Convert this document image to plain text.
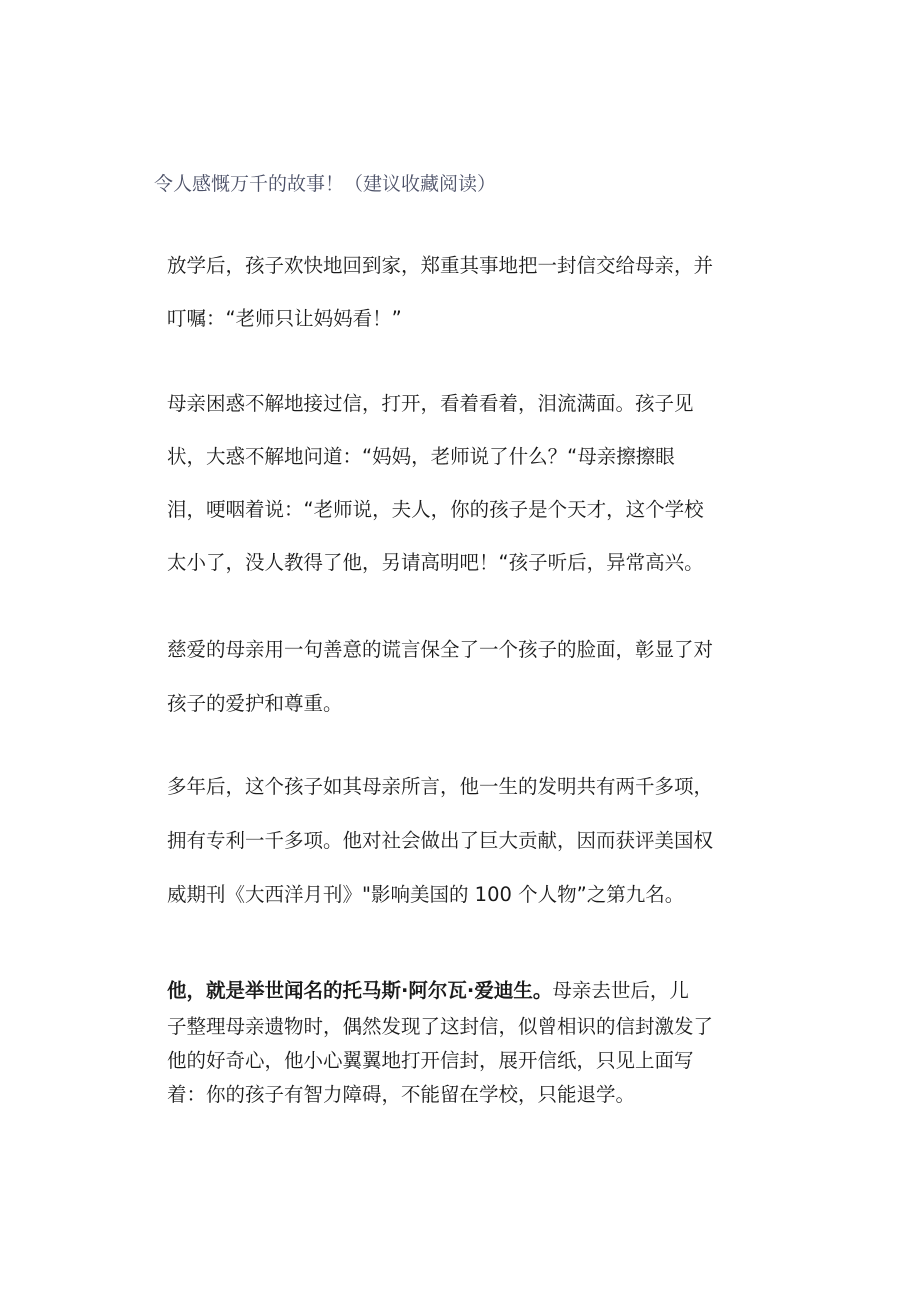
令人感慨万千的故事！（建议收藏阅读）
放学后，孩子欢快地回到家，郑重其事地把一封信交给母亲，并
叮嘱：“老师只让妈妈看！”
母亲困惑不解地接过信，打开，看着看着，泪流满面。孩子见
状，大惑不解地问道：“妈妈，老师说了什么？“母亲擦擦眼
泪，哽咽着说：“老师说，夫人，你的孩子是个天才，这个学校
太小了，没人教得了他，另请高明吧！“孩子听后，异常高兴。
慈爱的母亲用一句善意的谎言保全了一个孩子的脸面，彰显了对
孩子的爱护和尊重。
多年后，这个孩子如其母亲所言，他一生的发明共有两千多项，
拥有专利一千多项。他对社会做出了巨大贡献，因而获评美国权
威期刊《大西洋月刊》"影响美国的 100 个人物”之第九名。
他，就是举世闻名的托马斯·阿尔瓦·爱迪生。母亲去世后，儿
子整理母亲遗物时，偶然发现了这封信，似曾相识的信封激发了
他的好奇心，他小心翼翼地打开信封，展开信纸，只见上面写
着：你的孩子有智力障碍，不能留在学校，只能退学。
